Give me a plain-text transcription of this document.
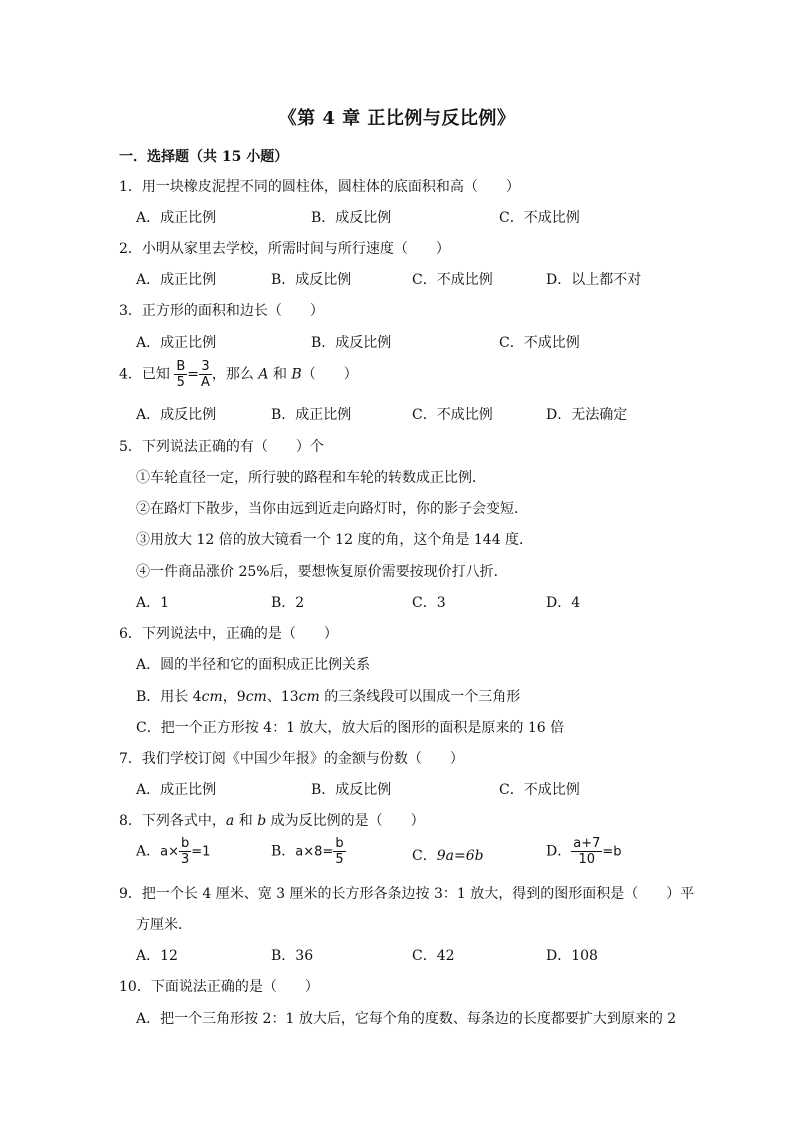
《第 4 章 正比例与反比例》
一．选择题（共 15 小题）
1．用一块橡皮泥捏不同的圆柱体，圆柱体的底面积和高（　　）
A．成正比例	B．成反比例	C．不成比例
2．小明从家里去学校，所需时间与所行速度（　　）
A．成正比例	B．成反比例	C．不成比例	D．以上都不对
3．正方形的面积和边长（　　）
A．成正比例	B．成反比例	C．不成比例
4．已知 $\frac{B}{5} = \frac{3}{A}$ ，那么 A 和 B（　　）
A．成反比例	B．成正比例	C．不成比例	D．无法确定
5．下列说法正确的有（　　）个
①车轮直径一定，所行驶的路程和车轮的转数成正比例．
②在路灯下散步，当你由远到近走向路灯时，你的影子会变短．
③用放大 12 倍的放大镜看一个 12 度的角，这个角是 144 度．
④一件商品涨价 25%后，要想恢复原价需要按现价打八折．
A．1	B．2	C．3	D．4
6．下列说法中，正确的是（　　）
A．圆的半径和它的面积成正比例关系
B．用长 4cm，9cm、13cm 的三条线段可以围成一个三角形
C．把一个正方形按 4：1 放大，放大后的图形的面积是原来的 16 倍
7．我们学校订阅《中国少年报》的金额与份数（　　）
A．成正比例	B．成反比例	C．不成比例
8．下列各式中，a 和 b 成为反比例的是（　　）
A．$a\times \frac{b}{3} =1$	B．$a\times 8= \frac{b}{5}$	C．9a=6b	D． $\frac{a+7}{10} =b$
9．把一个长 4 厘米、宽 3 厘米的长方形各条边按 3：1 放大，得到的图形面积是（　　）平
方厘米．
A．12	B．36	C．42	D．108
10．下面说法正确的是（　　）
A．把一个三角形按 2：1 放大后，它每个角的度数、每条边的长度都要扩大到原来的 2
